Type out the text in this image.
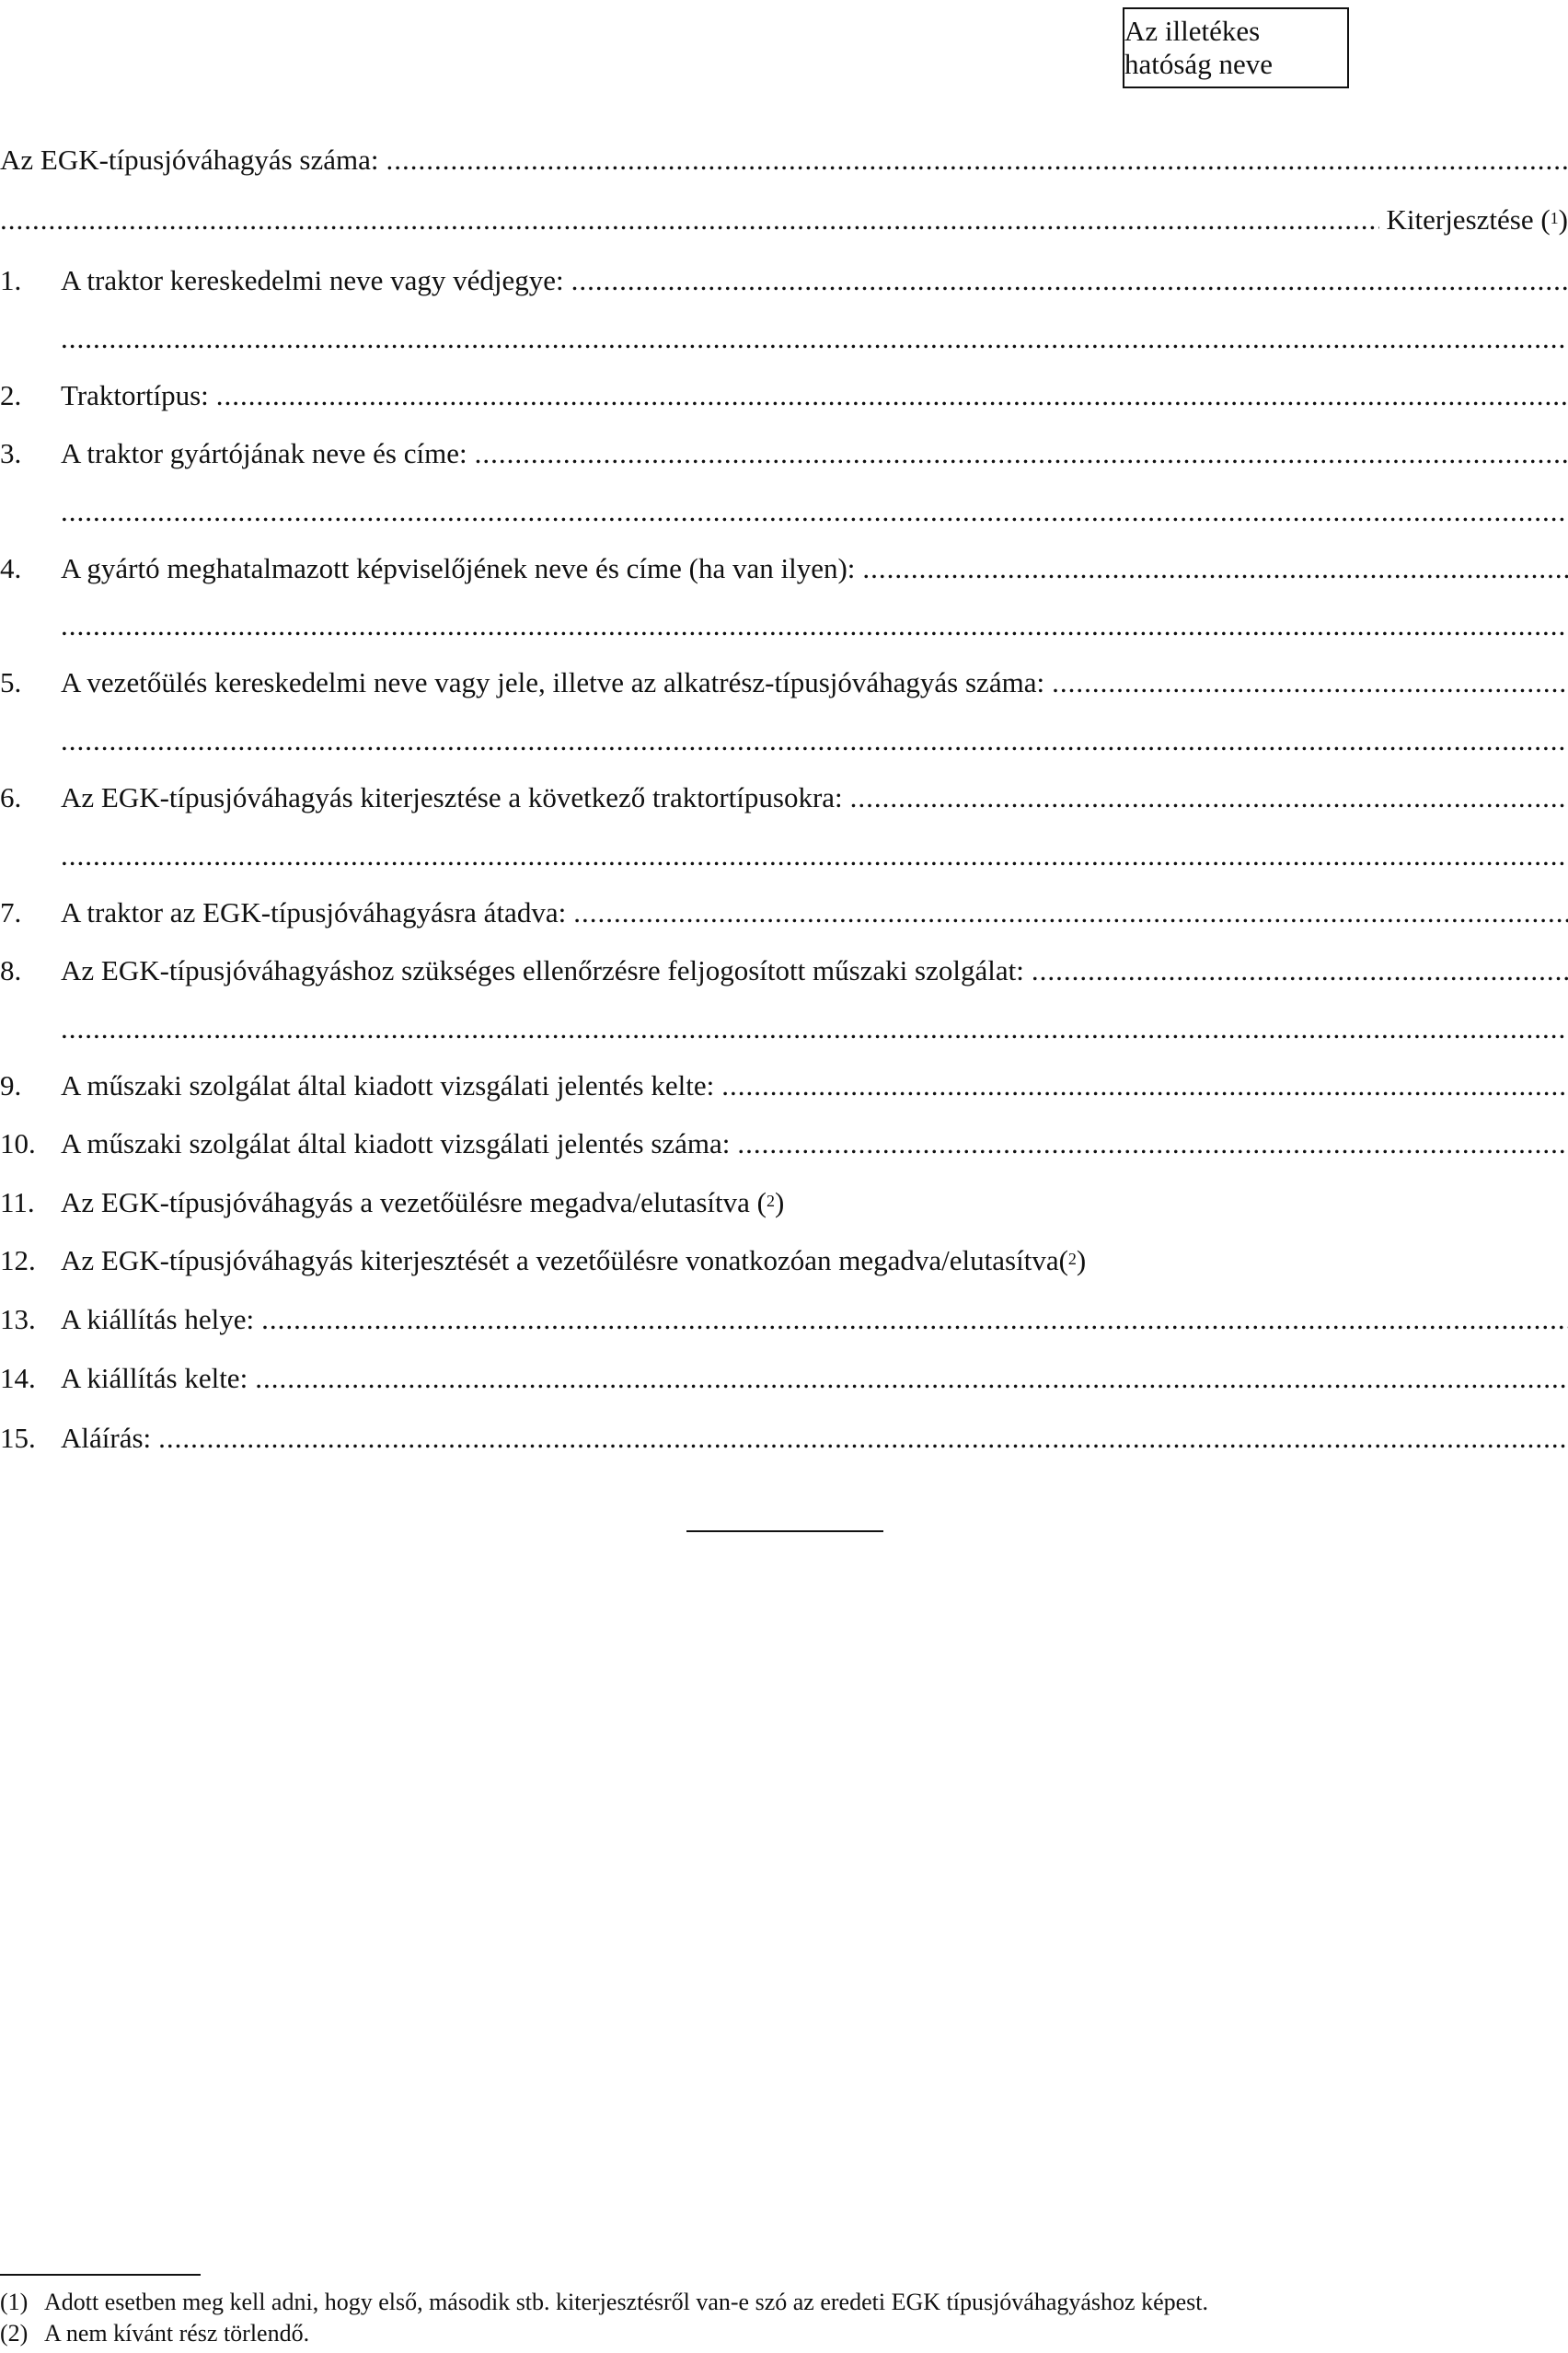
Az illetékes hatóság neve
Az EGK-típusjóváhagyás száma:
.....
.....
Kiterjesztése ($^1$)
1.	A traktor kereskedelmi neve vagy védjegye:
.....
.....
2.	Traktortípus:
.....
3.	A traktor gyártójának neve és címe:
.....
.....
4.	A gyártó meghatalmazott képviselőjének neve és címe (ha van ilyen):
.....
.....
5.	A vezetőülés kereskedelmi neve vagy jele, illetve az alkatrész-típusjóváhagyás száma:
.....
.....
6.	Az EGK-típusjóváhagyás kiterjesztése a következő traktortípusokra:
.....
.....
7.	A traktor az EGK-típusjóváhagyásra átadva:
.....
8.	Az EGK-típusjóváhagyáshoz szükséges ellenőrzésre feljogosított műszaki szolgálat:
.....
.....
9.	A műszaki szolgálat által kiadott vizsgálati jelentés kelte:
.....
10. A műszaki szolgálat által kiadott vizsgálati jelentés száma:
.....
11. Az EGK-típusjóváhagyás a vezetőülésre megadva/elutasítva ($^2$)
12. Az EGK-típusjóváhagyás kiterjesztését a vezetőülésre vonatkozóan megadva/elutasítva($^2$)
13. A kiállítás helye:
.....
14. A kiállítás kelte:
.....
15. Aláírás:
.....
(1) Adott esetben meg kell adni, hogy első, második stb. kiterjesztésről van-e szó az eredeti EGK típusjóváhagyáshoz képest.
(2) A nem kívánt rész törlendő.
